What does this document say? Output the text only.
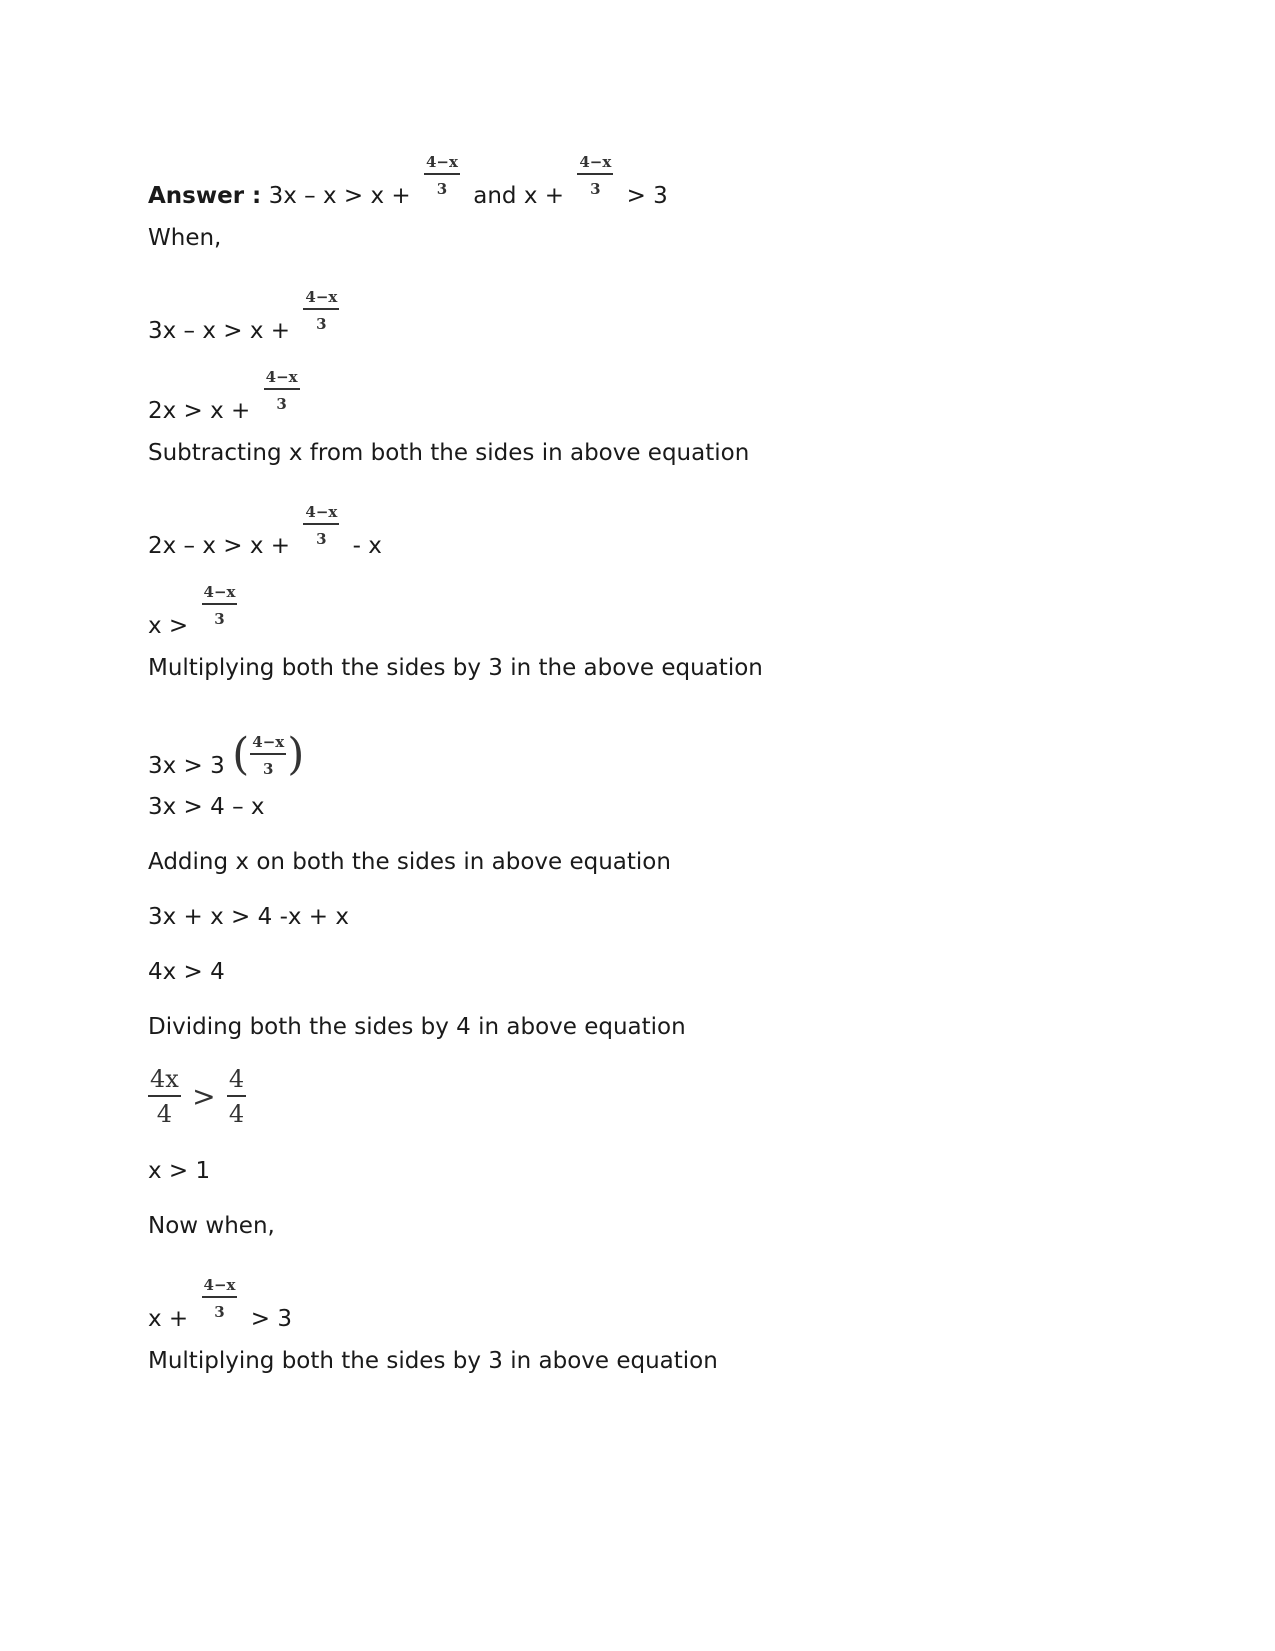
Answer : $3x - x > x + \frac{4-x}{3}$ and $x + \frac{4-x}{3} > 3$
When,
$3x - x > x + \frac{4-x}{3}$
$2x > x + \frac{4-x}{3}$
Subtracting x from both the sides in above equation
$2x - x > x + \frac{4-x}{3} - x$
$x > \frac{4-x}{3}$
Multiplying both the sides by 3 in the above equation
3x > 3 ( $\frac{4-x}{3}$ )
3x > 4 – x
Adding x on both the sides in above equation
3x + x > 4 -x + x
4x > 4
Dividing both the sides by 4 in above equation
$\frac{4x}{4} > \frac{4}{4}$
x > 1
Now when,
$x + \frac{4-x}{3} > 3$
Multiplying both the sides by 3 in above equation
